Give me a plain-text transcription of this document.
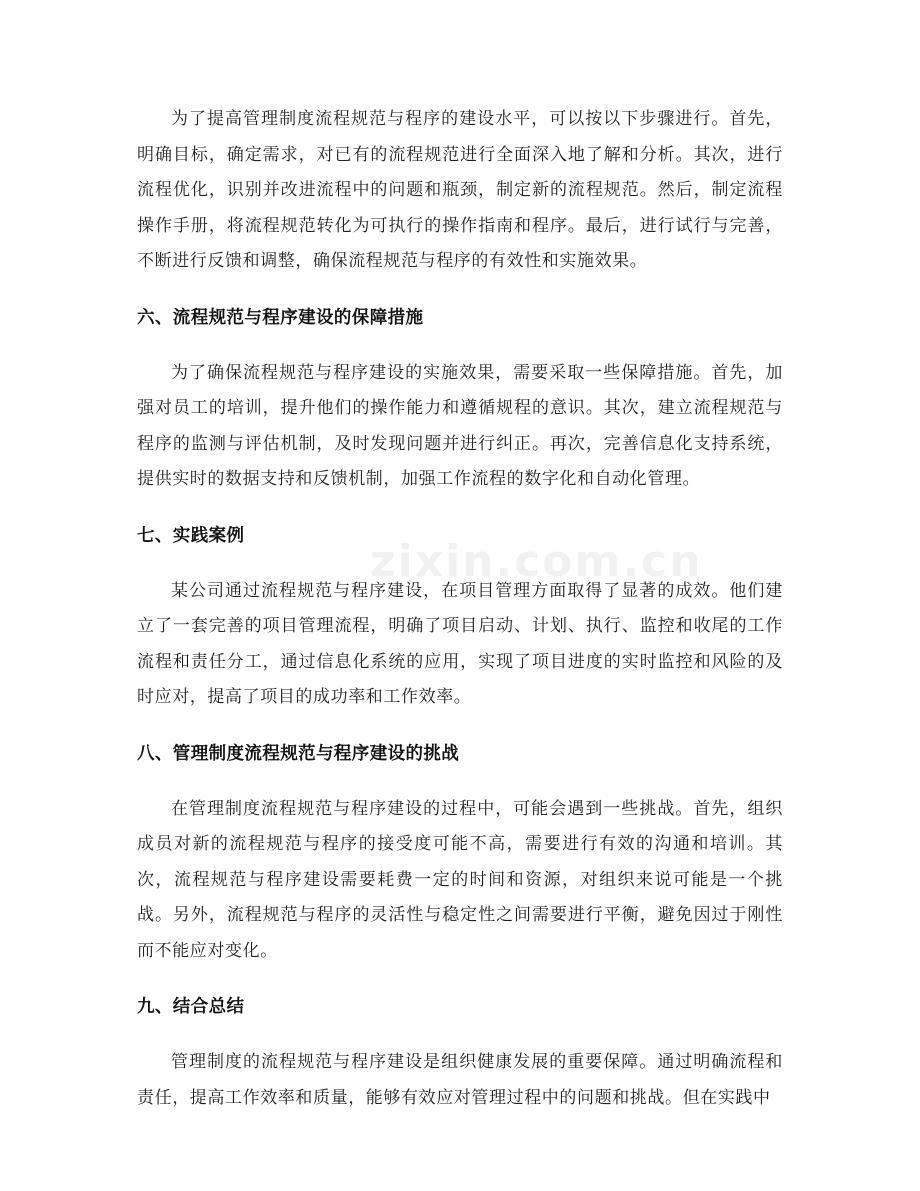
zixin.com.cn

为了提高管理制度流程规范与程序的建设水平，可以按以下步骤进行。首先，明确目标，确定需求，对已有的流程规范进行全面深入地了解和分析。其次，进行流程优化，识别并改进流程中的问题和瓶颈，制定新的流程规范。然后，制定流程操作手册，将流程规范转化为可执行的操作指南和程序。最后，进行试行与完善，不断进行反馈和调整，确保流程规范与程序的有效性和实施效果。

六、流程规范与程序建设的保障措施

为了确保流程规范与程序建设的实施效果，需要采取一些保障措施。首先，加强对员工的培训，提升他们的操作能力和遵循规程的意识。其次，建立流程规范与程序的监测与评估机制，及时发现问题并进行纠正。再次，完善信息化支持系统，提供实时的数据支持和反馈机制，加强工作流程的数字化和自动化管理。

七、实践案例

某公司通过流程规范与程序建设，在项目管理方面取得了显著的成效。他们建立了一套完善的项目管理流程，明确了项目启动、计划、执行、监控和收尾的工作流程和责任分工，通过信息化系统的应用，实现了项目进度的实时监控和风险的及时应对，提高了项目的成功率和工作效率。

八、管理制度流程规范与程序建设的挑战

在管理制度流程规范与程序建设的过程中，可能会遇到一些挑战。首先，组织成员对新的流程规范与程序的接受度可能不高，需要进行有效的沟通和培训。其次，流程规范与程序建设需要耗费一定的时间和资源，对组织来说可能是一个挑战。另外，流程规范与程序的灵活性与稳定性之间需要进行平衡，避免因过于刚性而不能应对变化。

九、结合总结

管理制度的流程规范与程序建设是组织健康发展的重要保障。通过明确流程和责任，提高工作效率和质量，能够有效应对管理过程中的问题和挑战。但在实践中
